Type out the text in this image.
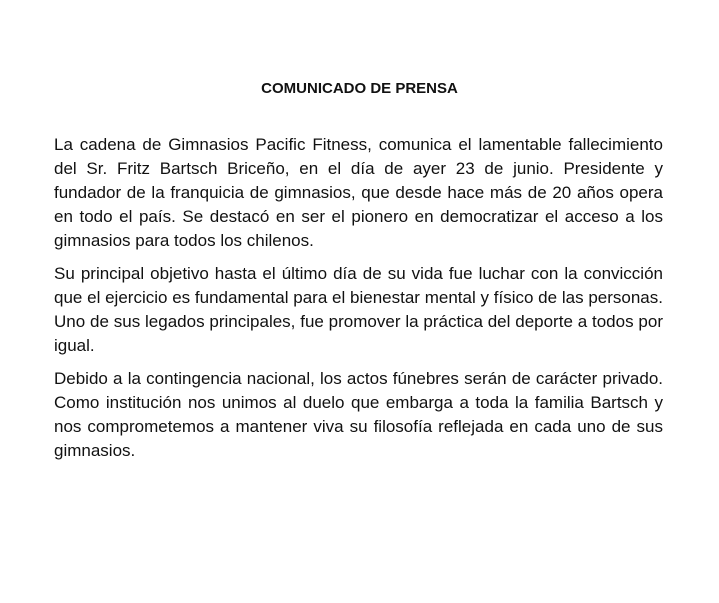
COMUNICADO DE PRENSA
La cadena de Gimnasios Pacific Fitness, comunica el lamentable fallecimiento del Sr. Fritz Bartsch Briceño, en el día de ayer 23 de junio. Presidente y fundador de la franquicia de gimnasios, que desde hace más de 20 años opera en todo el país. Se destacó en ser el pionero en democratizar el acceso a los gimnasios para todos los chilenos.
Su principal objetivo hasta el último día de su vida fue luchar con la convicción que el ejercicio es fundamental para el bienestar mental y físico de las personas. Uno de sus legados principales, fue promover la práctica del deporte a todos por igual.
Debido a la contingencia nacional, los actos fúnebres serán de carácter privado. Como institución nos unimos al duelo que embarga a toda la familia Bartsch y nos comprometemos a mantener viva su filosofía reflejada en cada uno de sus gimnasios.
